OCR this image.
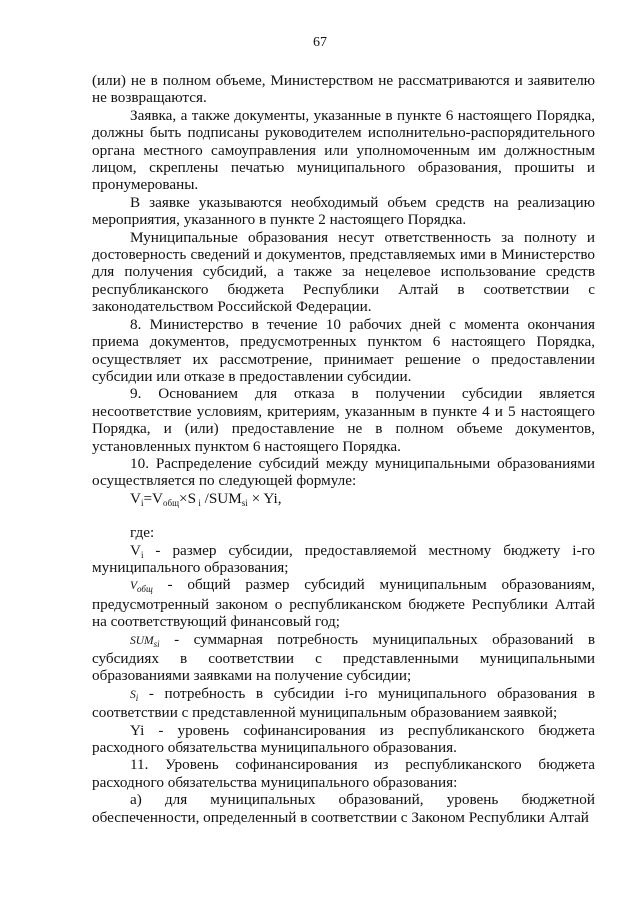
67

(или) не в полном объеме, Министерством не рассматриваются и заявителю не возвращаются.

Заявка, а также документы, указанные в пункте 6 настоящего Порядка, должны быть подписаны руководителем исполнительно-распорядительного органа местного самоуправления или уполномоченным им должностным лицом, скреплены печатью муниципального образования, прошиты и пронумерованы.

В заявке указываются необходимый объем средств на реализацию мероприятия, указанного в пункте 2 настоящего Порядка.

Муниципальные образования несут ответственность за полноту и достоверность сведений и документов, представляемых ими в Министерство для получения субсидий, а также за нецелевое использование средств республиканского бюджета Республики Алтай в соответствии с законодательством Российской Федерации.

8. Министерство в течение 10 рабочих дней с момента окончания приема документов, предусмотренных пунктом 6 настоящего Порядка, осуществляет их рассмотрение, принимает решение о предоставлении субсидии или отказе в предоставлении субсидии.

9. Основанием для отказа в получении субсидии является несоответствие условиям, критериям, указанным в пункте 4 и 5 настоящего Порядка, и (или) предоставление не в полном объеме документов, установленных пунктом 6 настоящего Порядка.

10. Распределение субсидий между муниципальными образованиями осуществляется по следующей формуле:

$V_i=V_{общ}\times S$ $_i$ $/SUM_{si} \times Yi$,

где:

$V_i$ - размер субсидии, предоставляемой местному бюджету i-го муниципального образования;

$V_{общ}$ - общий размер субсидий муниципальным образованиям, предусмотренный законом о республиканском бюджете Республики Алтай на соответствующий финансовый год;

$SUM_{si}$ - суммарная потребность муниципальных образований в субсидиях в соответствии с представленными муниципальными образованиями заявками на получение субсидии;

$S_i$ - потребность в субсидии i-го муниципального образования в соответствии с представленной муниципальным образованием заявкой;

Yi - уровень софинансирования из республиканского бюджета расходного обязательства муниципального образования.

11. Уровень софинансирования из республиканского бюджета расходного обязательства муниципального образования:

а) для муниципальных образований, уровень бюджетной обеспеченности, определенный в соответствии с Законом Республики Алтай
